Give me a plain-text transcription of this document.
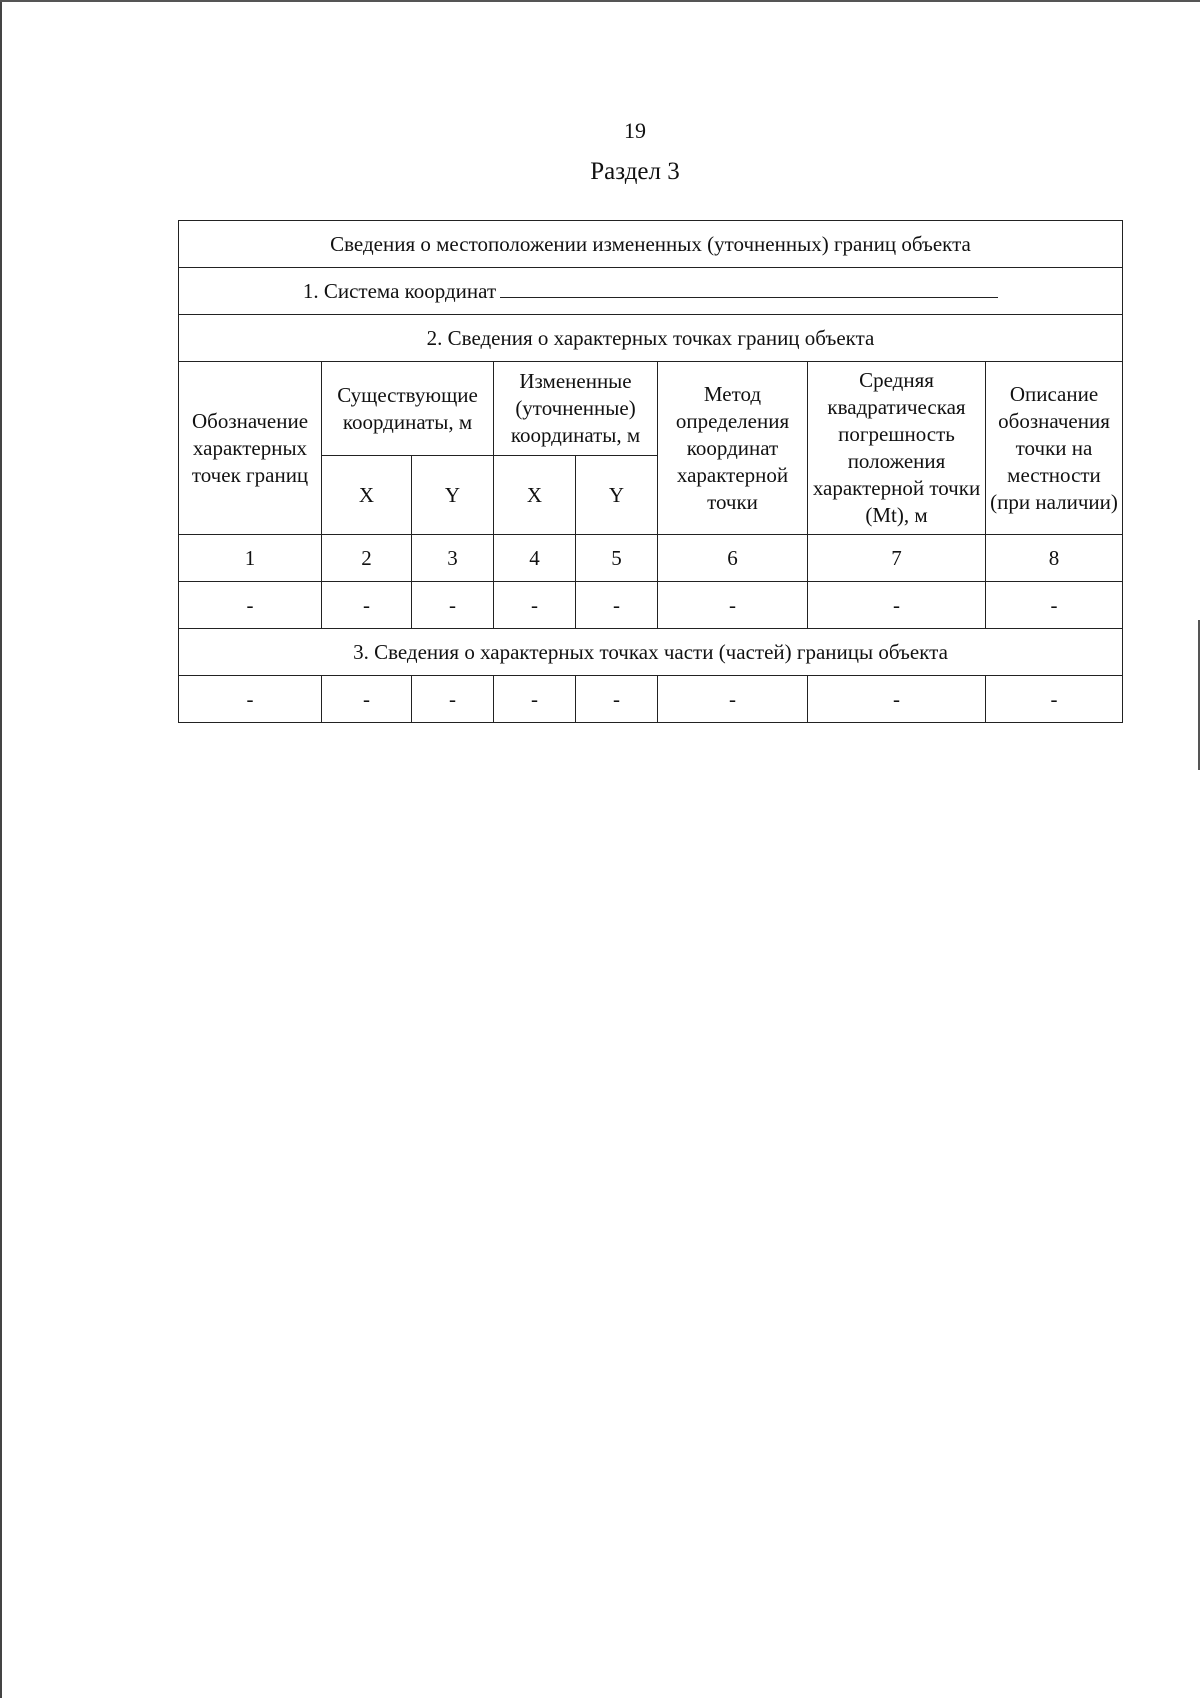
19
Раздел 3
Сведения о местоположении измененных (уточненных) границ объекта							
1. Система координат							
2. Сведения о характерных точках границ объекта							
Обозначение характерных точек границ	Существующие координаты, м		Измененные (уточненные) координаты, м		Метод определения координат характерной точки	Средняя квадратическая погрешность положения характерной точки (Mt), м	Описание обозначения точки на местности (при наличии)
	X	Y	X	Y			
1	2	3	4	5	6	7	8
-	-	-	-	-	-	-	-
3. Сведения о характерных точках части (частей) границы объекта							
-	-	-	-	-	-	-	-
